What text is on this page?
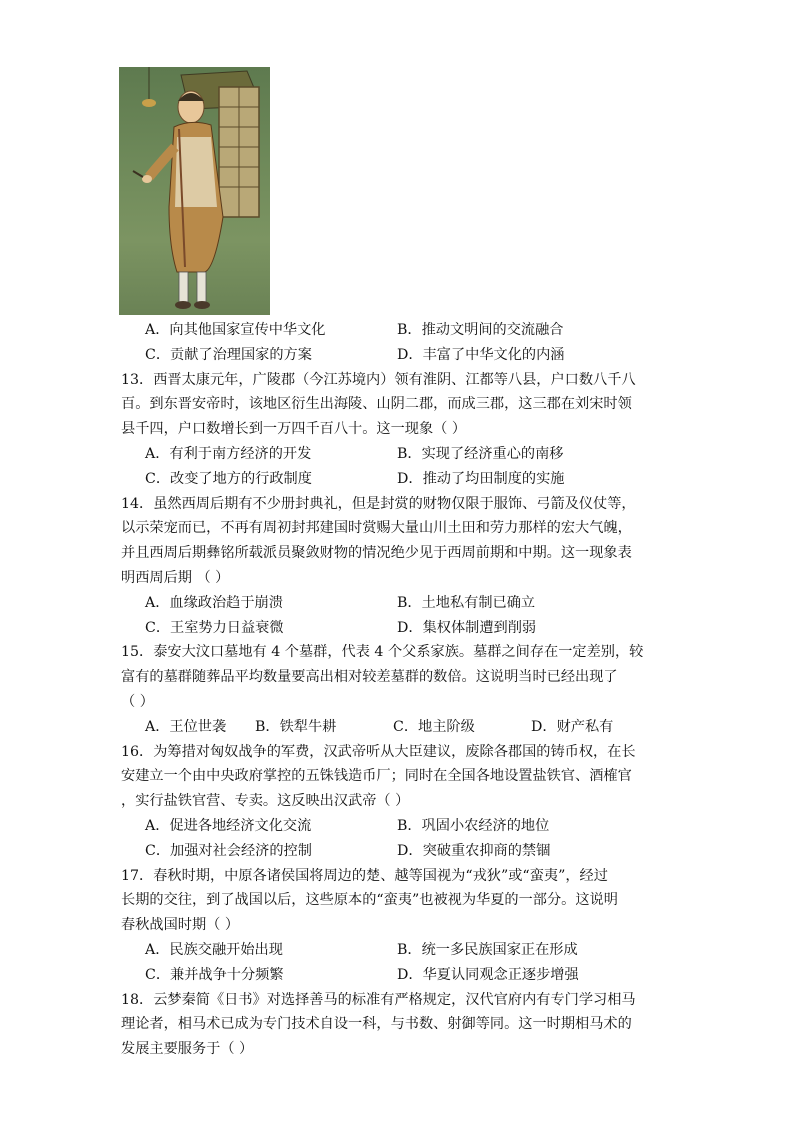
A．向其他国家宣传中华文化	B．推动文明间的交流融合
C．贡献了治理国家的方案	D．丰富了中华文化的内涵

13．西晋太康元年，广陵郡（今江苏境内）领有淮阴、江都等八县，户口数八千八

百。到东晋安帝时，该地区衍生出海陵、山阴二郡，而成三郡，这三郡在刘宋时领

县千四，户口数增长到一万四千百八十。这一现象（ ）

A．有利于南方经济的开发	B．实现了经济重心的南移
C．改变了地方的行政制度	D．推动了均田制度的实施

14．虽然西周后期有不少册封典礼，但是封赏的财物仅限于服饰、弓箭及仪仗等，

以示荣宠而已，不再有周初封邦建国时赏赐大量山川土田和劳力那样的宏大气魄，

并且西周后期彝铭所载派员聚敛财物的情况绝少见于西周前期和中期。这一现象表

明西周后期 （ ）

A．血缘政治趋于崩溃	B．土地私有制已确立
C．王室势力日益衰微	D．集权体制遭到削弱

15．泰安大汶口墓地有 4 个墓群，代表 4 个父系家族。墓群之间存在一定差别，较

富有的墓群随葬品平均数量要高出相对较差墓群的数倍。这说明当时已经出现了

（ ）

A．王位世袭	B．铁犁牛耕	C．地主阶级	D．财产私有

16．为筹措对匈奴战争的军费，汉武帝听从大臣建议，废除各郡国的铸币权，在长

安建立一个由中央政府掌控的五铢钱造币厂；同时在全国各地设置盐铁官、酒榷官

，实行盐铁官营、专卖。这反映出汉武帝（ ）

A．促进各地经济文化交流	B．巩固小农经济的地位
C．加强对社会经济的控制	D．突破重农抑商的禁锢

17．春秋时期，中原各诸侯国将周边的楚、越等国视为“戎狄”或“蛮夷”，经过

长期的交往，到了战国以后，这些原本的“蛮夷”也被视为华夏的一部分。这说明

春秋战国时期（ ）

A．民族交融开始出现	B．统一多民族国家正在形成
C．兼并战争十分频繁	D．华夏认同观念正逐步增强

18．云梦秦简《日书》对选择善马的标准有严格规定，汉代官府内有专门学习相马

理论者，相马术已成为专门技术自设一科，与书数、射御等同。这一时期相马术的

发展主要服务于（ ）
